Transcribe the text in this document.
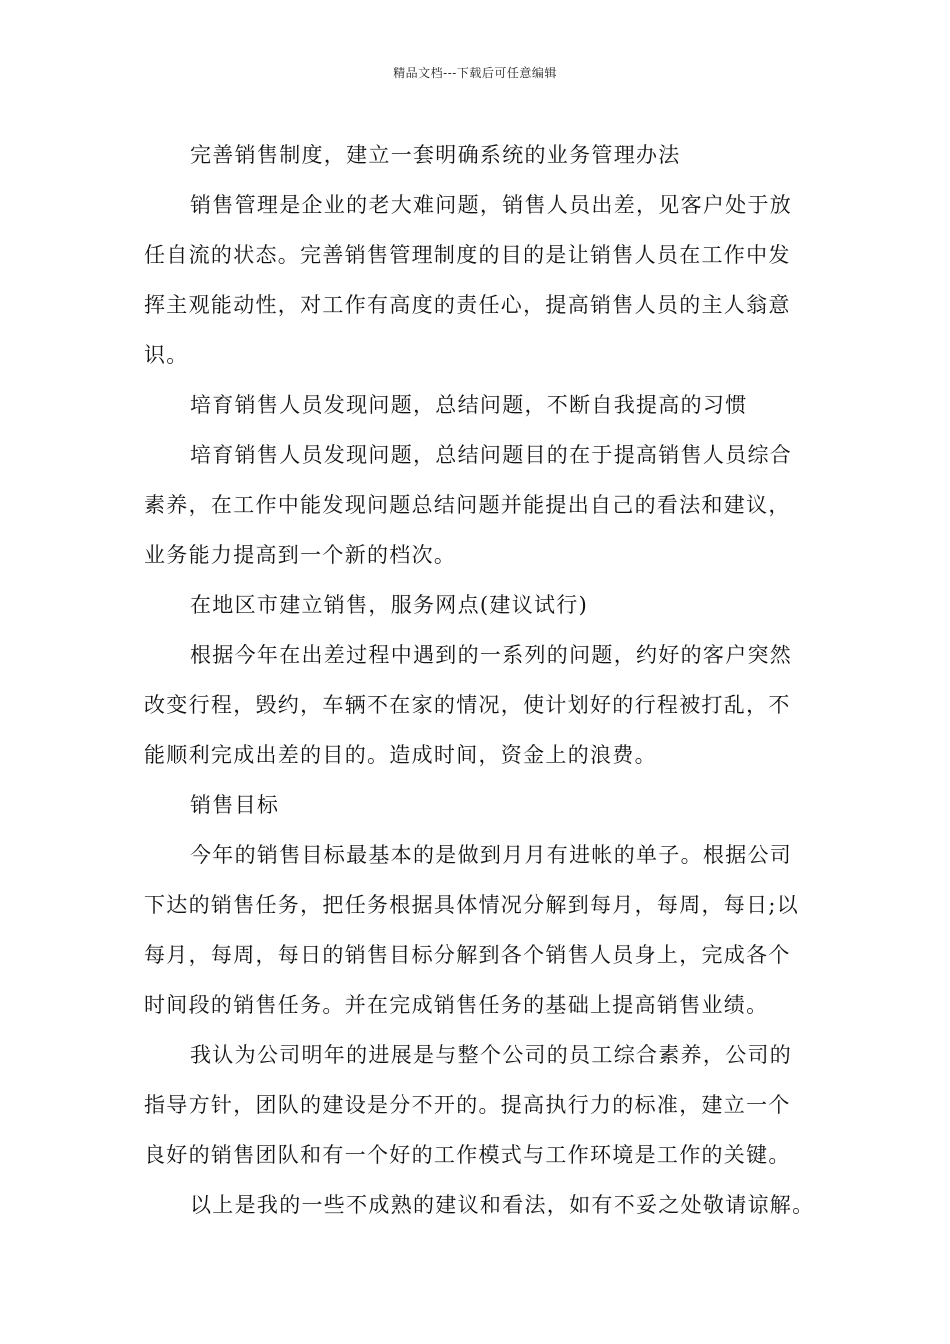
精品文档---下载后可任意编辑
完善销售制度，建立一套明确系统的业务管理办法
销售管理是企业的老大难问题，销售人员出差，见客户处于放
任自流的状态。完善销售管理制度的目的是让销售人员在工作中发
挥主观能动性，对工作有高度的责任心，提高销售人员的主人翁意
识。
培育销售人员发现问题，总结问题，不断自我提高的习惯
培育销售人员发现问题，总结问题目的在于提高销售人员综合
素养，在工作中能发现问题总结问题并能提出自己的看法和建议，
业务能力提高到一个新的档次。
在地区市建立销售，服务网点(建议试行)
根据今年在出差过程中遇到的一系列的问题，约好的客户突然
改变行程，毁约，车辆不在家的情况，使计划好的行程被打乱，不
能顺利完成出差的目的。造成时间，资金上的浪费。
销售目标
今年的销售目标最基本的是做到月月有进帐的单子。根据公司
下达的销售任务，把任务根据具体情况分解到每月，每周，每日;以
每月，每周，每日的销售目标分解到各个销售人员身上，完成各个
时间段的销售任务。并在完成销售任务的基础上提高销售业绩。
我认为公司明年的进展是与整个公司的员工综合素养，公司的
指导方针，团队的建设是分不开的。提高执行力的标准，建立一个
良好的销售团队和有一个好的工作模式与工作环境是工作的关键。
以上是我的一些不成熟的建议和看法，如有不妥之处敬请谅解。
